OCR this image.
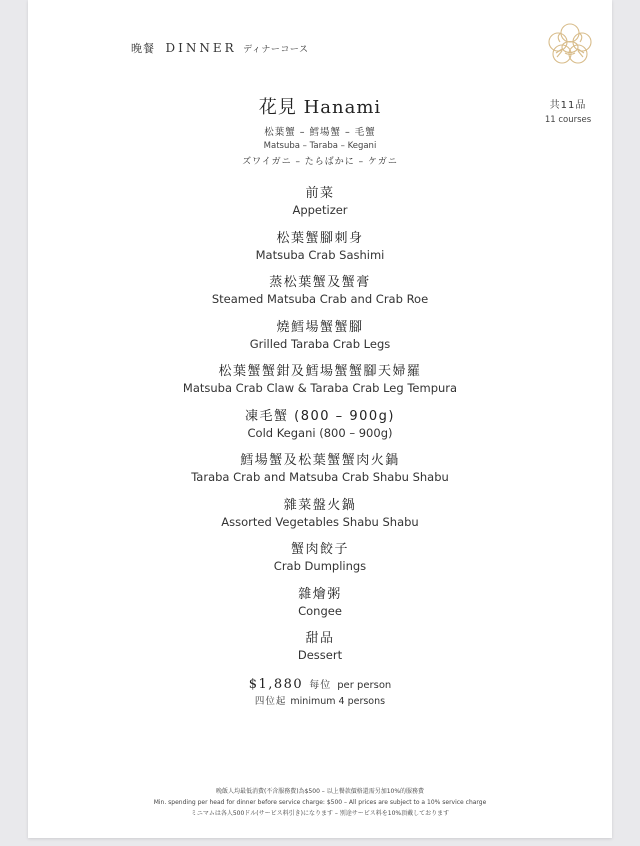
晚餐 DINNER ディナーコース
花見 Hanami
松葉蟹 – 鱈場蟹 – 毛蟹
Matsuba – Taraba – Kegani
ズワイガニ – たらばかに – ケガニ
共11品
11 courses
前菜
Appetizer
松葉蟹腳刺身
Matsuba Crab Sashimi
蒸松葉蟹及蟹膏
Steamed Matsuba Crab and Crab Roe
燒鱈場蟹蟹腳
Grilled Taraba Crab Legs
松葉蟹蟹鉗及鱈場蟹蟹腳天婦羅
Matsuba Crab Claw & Taraba Crab Leg Tempura
凍毛蟹 (800 – 900g)
Cold Kegani (800 – 900g)
鱈場蟹及松葉蟹蟹肉火鍋
Taraba Crab and Matsuba Crab Shabu Shabu
雜菜盤火鍋
Assorted Vegetables Shabu Shabu
蟹肉餃子
Crab Dumplings
雜燴粥
Congee
甜品
Dessert
$1,880 每位 per person
四位起 minimum 4 persons
晚飯人均最低消費(不含服務費)為$500 – 以上餐款價格還需另加10%的服務費
Min. spending per head for dinner before service charge: $500 – All prices are subject to a 10% service charge
ミニマムは各人500ドル(サービス料引き)になります – 別途サービス料を10%頂戴しております
